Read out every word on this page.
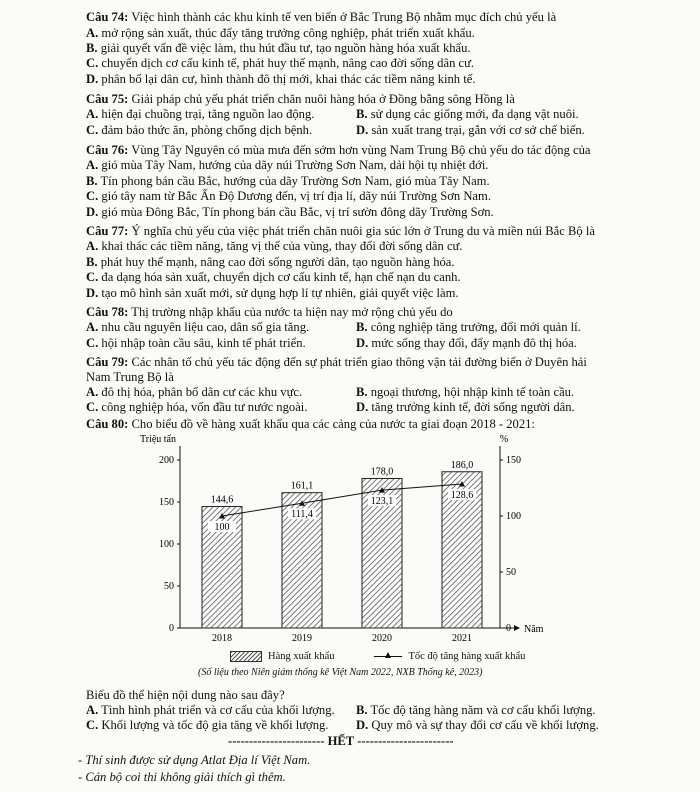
Câu 74: Việc hình thành các khu kinh tế ven biển ở Bắc Trung Bộ nhằm mục đích chủ yếu là
A. mở rộng sản xuất, thúc đẩy tăng trưởng công nghiệp, phát triển xuất khẩu.
B. giải quyết vấn đề việc làm, thu hút đầu tư, tạo nguồn hàng hóa xuất khẩu.
C. chuyển dịch cơ cấu kinh tế, phát huy thế mạnh, nâng cao đời sống dân cư.
D. phân bố lại dân cư, hình thành đô thị mới, khai thác các tiềm năng kinh tế.
Câu 75: Giải pháp chủ yếu phát triển chăn nuôi hàng hóa ở Đồng bằng sông Hồng là
A. hiện đại chuồng trại, tăng nguồn lao động.	B. sử dụng các giống mới, đa dạng vật nuôi.
C. đảm bảo thức ăn, phòng chống dịch bệnh.	D. sản xuất trang trại, gắn với cơ sở chế biến.
Câu 76: Vùng Tây Nguyên có mùa mưa đến sớm hơn vùng Nam Trung Bộ chủ yếu do tác động của
A. gió mùa Tây Nam, hướng của dãy núi Trường Sơn Nam, dải hội tụ nhiệt đới.
B. Tín phong bán cầu Bắc, hướng của dãy Trường Sơn Nam, gió mùa Tây Nam.
C. gió tây nam từ Bắc Ấn Độ Dương đến, vị trí địa lí, dãy núi Trường Sơn Nam.
D. gió mùa Đông Bắc, Tín phong bán cầu Bắc, vị trí sườn đông dãy Trường Sơn.
Câu 77: Ý nghĩa chủ yếu của việc phát triển chăn nuôi gia súc lớn ở Trung du và miền núi Bắc Bộ là
A. khai thác các tiềm năng, tăng vị thế của vùng, thay đổi đời sống dân cư.
B. phát huy thế mạnh, nâng cao đời sống người dân, tạo nguồn hàng hóa.
C. đa dạng hóa sản xuất, chuyển dịch cơ cấu kinh tế, hạn chế nạn du canh.
D. tạo mô hình sản xuất mới, sử dụng hợp lí tự nhiên, giải quyết việc làm.
Câu 78: Thị trường nhập khẩu của nước ta hiện nay mở rộng chủ yếu do
A. nhu cầu nguyên liệu cao, dân số gia tăng.	B. công nghiệp tăng trưởng, đổi mới quản lí.
C. hội nhập toàn cầu sâu, kinh tế phát triển.	D. mức sống thay đổi, đẩy mạnh đô thị hóa.
Câu 79: Các nhân tố chủ yếu tác động đến sự phát triển giao thông vận tải đường biển ở Duyên hải
Nam Trung Bộ là
A. đô thị hóa, phân bố dân cư các khu vực.	B. ngoại thương, hội nhập kinh tế toàn cầu.
C. công nghiệp hóa, vốn đầu tư nước ngoài.	D. tăng trưởng kinh tế, đời sống người dân.
Câu 80: Cho biểu đồ về hàng xuất khẩu qua các cảng của nước ta giai đoạn 2018 - 2021:
Triệu tấn	%
Năm
0
50
100
150
200
0
50
100
150
144,6
2018
161,1
2019
178,0
2020
186,0
2021
100
111,4
123,1
128,6
Hàng xuất khẩu	Tốc độ tăng hàng xuất khẩu
(Số liệu theo Niên giám thống kê Việt Nam 2022, NXB Thống kê, 2023)
Biểu đồ thể hiện nội dung nào sau đây?
A. Tình hình phát triển và cơ cấu của khối lượng. B. Tốc độ tăng hàng năm và cơ cấu khối lượng.
C. Khối lượng và tốc độ gia tăng về khối lượng. D. Quy mô và sự thay đổi cơ cấu về khối lượng.
----------------------- HẾT -----------------------
- Thí sinh được sử dụng Atlat Địa lí Việt Nam.
- Cán bộ coi thi không giải thích gì thêm.
